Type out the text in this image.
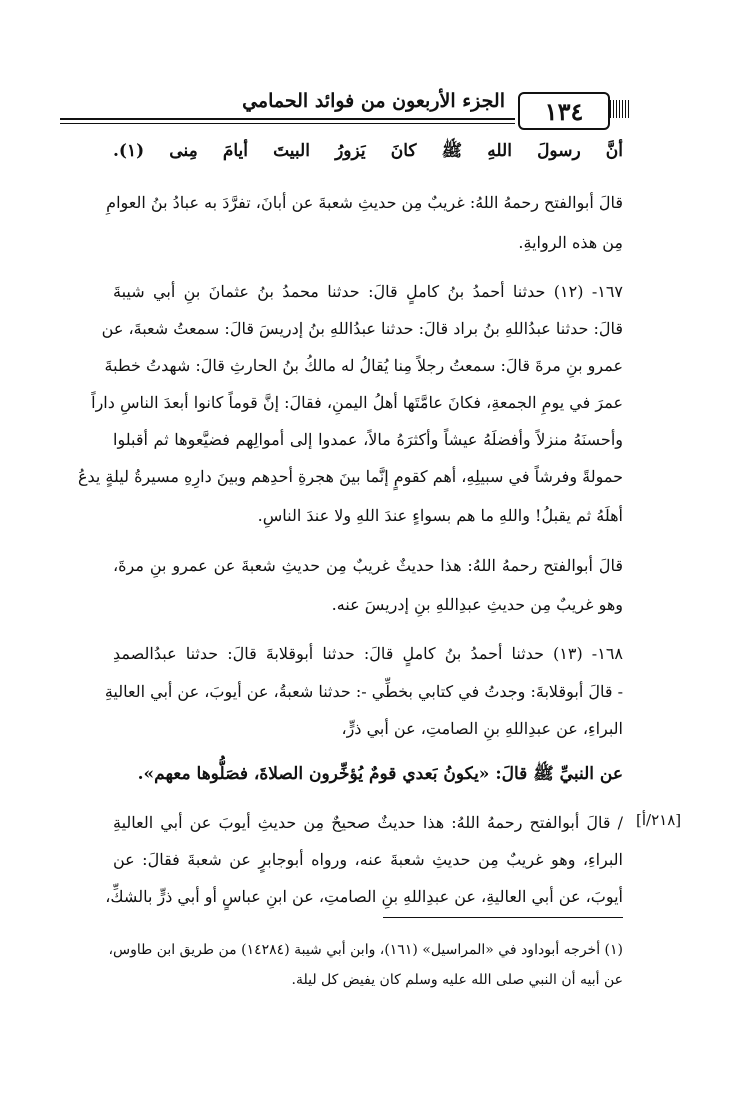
الجزء الأربعون من فوائد الحمامي	١٣٤
أنَّ رسولَ اللهِ ﷺ كانَ يَزورُ البيتَ أيامَ مِنى (١).
قالَ أبوالفتح رحمهُ اللهُ: غريبٌ مِن حديثِ شعبةَ عن أبانَ، تفرَّدَ به عبادُ بنُ العوامِ
مِن هذه الروايةِ.
١٦٧- (١٢) حدثنا أحمدُ بنُ كاملٍ قالَ: حدثنا محمدُ بنُ عثمانَ بنِ أبي شيبةَ
قالَ: حدثنا عبدُاللهِ بنُ براد قالَ: حدثنا عبدُاللهِ بنُ إدريسَ قالَ: سمعتُ شعبةَ، عن
عمرو بنِ مرةَ قالَ: سمعتُ رجلاً مِنا يُقالُ له مالكُ بنُ الحارثِ قالَ: شهدتُ خطبةَ
عمرَ في يومِ الجمعةِ، فكانَ عامَّتَها أهلُ اليمنِ، فقالَ: إنَّ قوماً كانوا أبعدَ الناسِ داراً
وأحسنَهُ منزلاً وأفضلَهُ عيشاً وأكثرَهُ مالاً، عمدوا إلى أموالِهم فضيَّعوها ثم أقبلوا
حمولةً وفرشاً في سبيلِهِ، أهم كقومٍ إنَّما بينَ هجرةِ أحدِهم وبينَ دارِهِ مسيرةُ ليلةٍ يدعُ
أهلَهُ ثم يقبلُ! واللهِ ما هم بسواءٍ عندَ اللهِ ولا عندَ الناسِ.
قالَ أبوالفتح رحمهُ اللهُ: هذا حديثٌ غريبٌ مِن حديثِ شعبةَ عن عمرو بنِ مرةَ،
وهو غريبٌ مِن حديثِ عبدِاللهِ بنِ إدريسَ عنه.
١٦٨- (١٣) حدثنا أحمدُ بنُ كاملٍ قالَ: حدثنا أبوقلابةَ قالَ: حدثنا عبدُالصمدِ
- قالَ أبوقلابةَ: وجدتُ في كتابي بخطِّي -: حدثنا شعبةُ، عن أيوبَ، عن أبي العاليةِ
البراءِ، عن عبدِاللهِ بنِ الصامتِ، عن أبي ذرٍّ،
عن النبيِّ ﷺ قالَ: «يكونُ بَعدي قومٌ يُؤخِّرون الصلاةَ، فصَلُّوها معهم».
[٢١٨/أ]
/ قالَ أبوالفتح رحمهُ اللهُ: هذا حديثٌ صحيحٌ مِن حديثِ أيوبَ عن أبي العاليةِ
البراءِ، وهو غريبٌ مِن حديثِ شعبةَ عنه، ورواه أبوجابرٍ عن شعبةَ فقالَ: عن
أيوبَ، عن أبي العاليةِ، عن عبدِاللهِ بنِ الصامتِ، عن ابنِ عباسٍ أو أبي ذرٍّ بالشكِّ،
(١) أخرجه أبوداود في «المراسيل» (١٦١)، وابن أبي شيبة (١٤٢٨٤) من طريق ابن طاوس،
عن أبيه أن النبي صلى الله عليه وسلم كان يفيض كل ليلة.
